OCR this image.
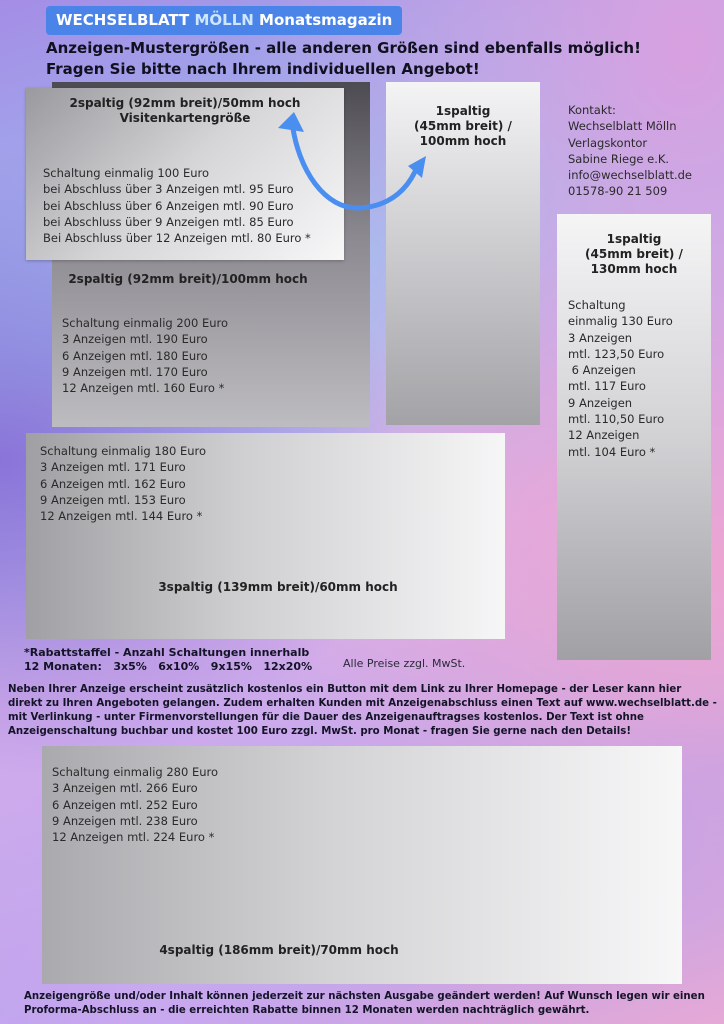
WECHSELBLATT MÖLLN Monatsmagazin
Anzeigen-Mustergrößen - alle anderen Größen sind ebenfalls möglich!
Fragen Sie bitte nach Ihrem individuellen Angebot!
2spaltig (92mm breit)/100mm hoch
Schaltung einmalig 200 Euro
3 Anzeigen mtl. 190 Euro
6 Anzeigen mtl. 180 Euro
9 Anzeigen mtl. 170 Euro
12 Anzeigen mtl. 160 Euro *
2spaltig (92mm breit)/50mm hoch
Visitenkartengröße
Schaltung einmalig 100 Euro
bei Abschluss über 3 Anzeigen mtl. 95 Euro
bei Abschluss über 6 Anzeigen mtl. 90 Euro
bei Abschluss über 9 Anzeigen mtl. 85 Euro
Bei Abschluss über 12 Anzeigen mtl. 80 Euro *
1spaltig
(45mm breit) /
100mm hoch
Kontakt:
Wechselblatt Mölln
Verlagskontor
Sabine Riege e.K.
info@wechselblatt.de
01578-90 21 509
1spaltig
(45mm breit) /
130mm hoch
Schaltung
einmalig 130 Euro
3 Anzeigen
mtl. 123,50 Euro
6 Anzeigen
mtl. 117 Euro
9 Anzeigen
mtl. 110,50 Euro
12 Anzeigen
mtl. 104 Euro *
Schaltung einmalig 180 Euro
3 Anzeigen mtl. 171 Euro
6 Anzeigen mtl. 162 Euro
9 Anzeigen mtl. 153 Euro
12 Anzeigen mtl. 144 Euro *
3spaltig (139mm breit)/60mm hoch
*Rabattstaffel - Anzahl Schaltungen innerhalb
12 Monaten:   3x5%   6x10%   9x15%   12x20%	Alle Preise zzgl. MwSt.
Neben Ihrer Anzeige erscheint zusätzlich kostenlos ein Button mit dem Link zu Ihrer Homepage - der Leser kann hier direkt zu Ihren Angeboten gelangen. Zudem erhalten Kunden mit Anzeigenabschluss einen Text auf www.wechselblatt.de - mit Verlinkung - unter Firmenvorstellungen für die Dauer des Anzeigenauftragses kostenlos. Der Text ist ohne Anzeigenschaltung buchbar und kostet 100 Euro zzgl. MwSt. pro Monat - fragen Sie gerne nach den Details!
Schaltung einmalig 280 Euro
3 Anzeigen mtl. 266 Euro
6 Anzeigen mtl. 252 Euro
9 Anzeigen mtl. 238 Euro
12 Anzeigen mtl. 224 Euro *
4spaltig (186mm breit)/70mm hoch
Anzeigengröße und/oder Inhalt können jederzeit zur nächsten Ausgabe geändert werden! Auf Wunsch legen wir einen Proforma-Abschluss an - die erreichten Rabatte binnen 12 Monaten werden nachträglich gewährt.
